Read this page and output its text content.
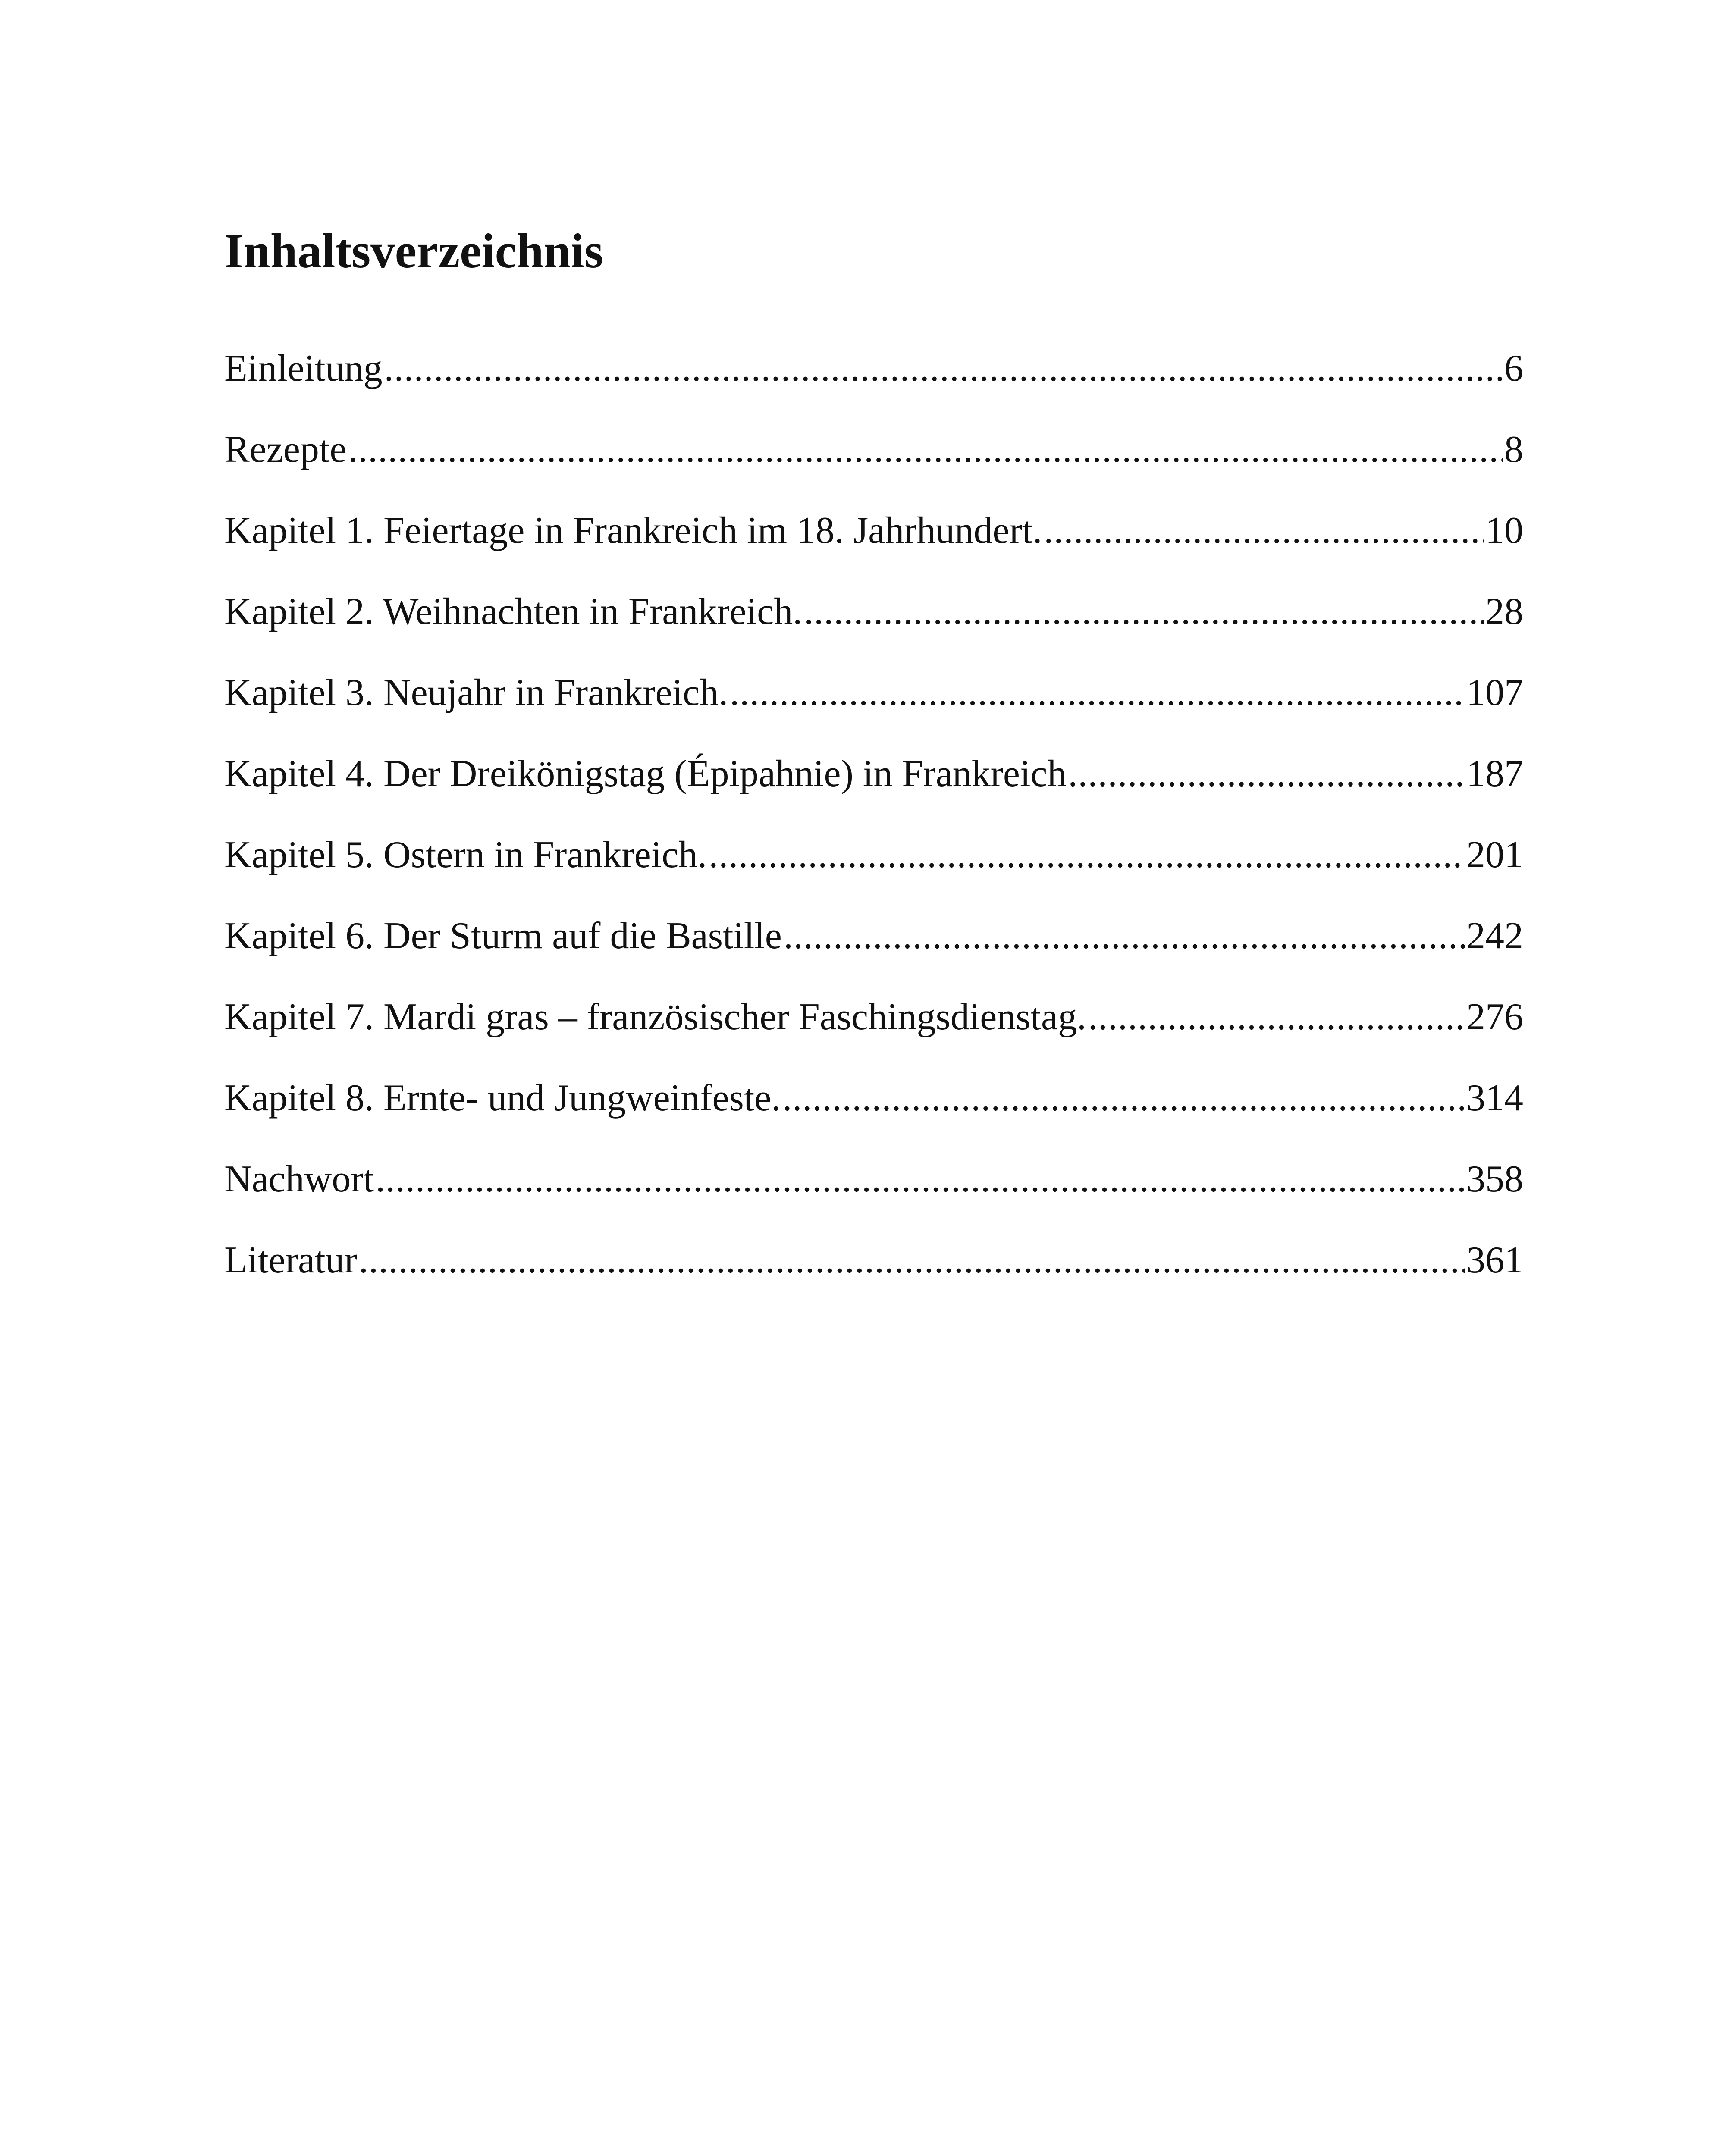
Inhaltsverzeichnis
Einleitung .....	6
Rezepte .....	8
Kapitel 1. Feiertage in Frankreich im 18. Jahrhundert. .....	10
Kapitel 2. Weihnachten in Frankreich. .....	28
Kapitel 3. Neujahr in Frankreich. .....	107
Kapitel 4. Der Dreikönigstag (Épipahnie) in Frankreich .....	187
Kapitel 5. Ostern in Frankreich. .....	201
Kapitel 6. Der Sturm auf die Bastille .....	242
Kapitel 7. Mardi gras – französischer Faschingsdienstag. .....	276
Kapitel 8. Ernte- und Jungweinfeste. .....	314
Nachwort .....	358
Literatur .....	361
